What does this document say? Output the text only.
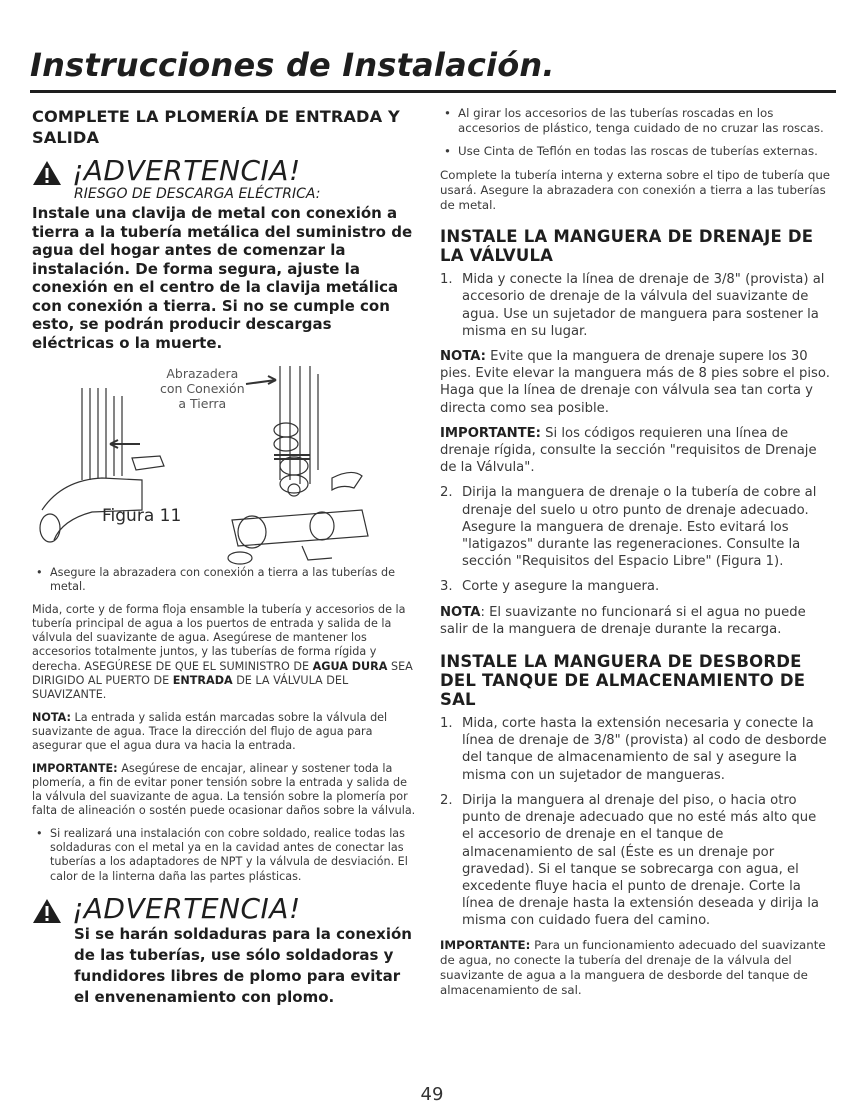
Instrucciones de Instalación.
COMPLETE LA PLOMERÍA DE ENTRADA Y SALIDA
¡ADVERTENCIA!
RIESGO DE DESCARGA ELÉCTRICA:
Instale una clavija de metal con conexión a tierra a la tubería metálica del suministro de agua del hogar antes de comenzar la instalación. De forma segura, ajuste la conexión en el centro de la clavija metálica con conexión a tierra. Si no se cumple con esto, se podrán producir descargas eléctricas o la muerte.
Abrazadera
con Conexión
a Tierra
Figura 11
• Asegure la abrazadera con conexión a tierra a las tuberías de metal.
Mida, corte y de forma floja ensamble la tubería y accesorios de la tubería principal de agua a los puertos de entrada y salida de la válvula del suavizante de agua. Asegúrese de mantener los accesorios totalmente juntos, y las tuberías de forma rígida y derecha. ASEGÚRESE DE QUE EL SUMINISTRO DE AGUA DURA SEA DIRIGIDO AL PUERTO DE ENTRADA DE LA VÁLVULA DEL SUAVIZANTE.
NOTA: La entrada y salida están marcadas sobre la válvula del suavizante de agua. Trace la dirección del flujo de agua para asegurar que el agua dura va hacia la entrada.
IMPORTANTE: Asegúrese de encajar, alinear y sostener toda la plomería, a fin de evitar poner tensión sobre la entrada y salida de la válvula del suavizante de agua. La tensión sobre la plomería por falta de alineación o sostén puede ocasionar daños sobre la válvula.
• Si realizará una instalación con cobre soldado, realice todas las soldaduras con el metal ya en la cavidad antes de conectar las tuberías a los adaptadores de NPT y la válvula de desviación. El calor de la linterna daña las partes plásticas.
¡ADVERTENCIA!
Si se harán soldaduras para la conexión de las tuberías, use sólo soldadoras y fundidores libres de plomo para evitar el envenenamiento con plomo.
• Al girar los accesorios de las tuberías roscadas en los accesorios de plástico, tenga cuidado de no cruzar las roscas.
• Use Cinta de Teflón en todas las roscas de tuberías externas.
Complete la tubería interna y externa sobre el tipo de tubería que usará. Asegure la abrazadera con conexión a tierra a las tuberías de metal.
INSTALE LA MANGUERA DE DRENAJE DE LA VÁLVULA
1. Mida y conecte la línea de drenaje de 3/8" (provista) al accesorio de drenaje de la válvula del suavizante de agua. Use un sujetador de manguera para sostener la misma en su lugar.
NOTA: Evite que la manguera de drenaje supere los 30 pies. Evite elevar la manguera más de 8 pies sobre el piso. Haga que la línea de drenaje con válvula sea tan corta y directa como sea posible.
IMPORTANTE: Si los códigos requieren una línea de drenaje rígida, consulte la sección "requisitos de Drenaje de la Válvula".
2. Dirija la manguera de drenaje o la tubería de cobre al drenaje del suelo u otro punto de drenaje adecuado. Asegure la manguera de drenaje. Esto evitará los "latigazos" durante las regeneraciones. Consulte la sección "Requisitos del Espacio Libre" (Figura 1).
3. Corte y asegure la manguera.
NOTA: El suavizante no funcionará si el agua no puede salir de la manguera de drenaje durante la recarga.
INSTALE LA MANGUERA DE DESBORDE DEL TANQUE DE ALMACENAMIENTO DE SAL
1. Mida, corte hasta la extensión necesaria y conecte la línea de drenaje de 3/8" (provista) al codo de desborde del tanque de almacenamiento de sal y asegure la misma con un sujetador de mangueras.
2. Dirija la manguera al drenaje del piso, o hacia otro punto de drenaje adecuado que no esté más alto que el accesorio de drenaje en el tanque de almacenamiento de sal (Éste es un drenaje por gravedad). Si el tanque se sobrecarga con agua, el excedente fluye hacia el punto de drenaje. Corte la línea de drenaje hasta la extensión deseada y dirija la misma con cuidado fuera del camino.
IMPORTANTE: Para un funcionamiento adecuado del suavizante de agua, no conecte la tubería del drenaje de la válvula del suavizante de agua a la manguera de desborde del tanque de almacenamiento de sal.
49
